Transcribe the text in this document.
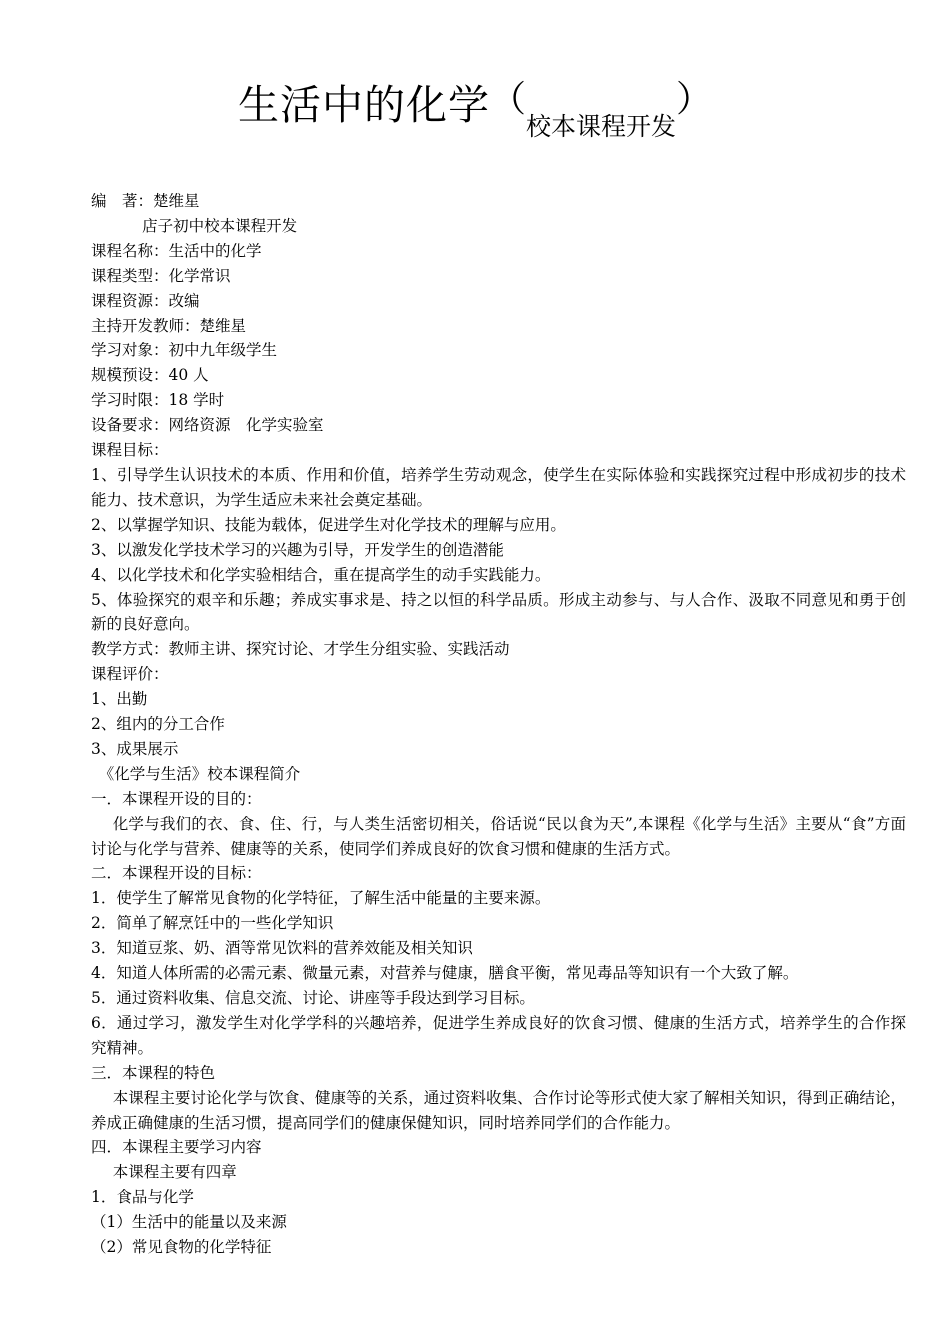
生活中的化学（校本课程开发）
编　著：楚维星
店子初中校本课程开发
课程名称：生活中的化学
课程类型：化学常识
课程资源：改编
主持开发教师：楚维星
学习对象：初中九年级学生
规模预设：40 人
学习时限：18 学时
设备要求：网络资源　化学实验室
课程目标：
1、引导学生认识技术的本质、作用和价值，培养学生劳动观念，使学生在实际体验和实践探究过程中形成初步的技术能力、技术意识，为学生适应未来社会奠定基础。
2、以掌握学知识、技能为载体，促进学生对化学技术的理解与应用。
3、以激发化学技术学习的兴趣为引导，开发学生的创造潜能
4、以化学技术和化学实验相结合，重在提高学生的动手实践能力。
5、体验探究的艰辛和乐趣；养成实事求是、持之以恒的科学品质。形成主动参与、与人合作、汲取不同意见和勇于创新的良好意向。
教学方式：教师主讲、探究讨论、才学生分组实验、实践活动
课程评价：
1、出勤
2、组内的分工合作
3、成果展示
《化学与生活》校本课程简介
一．本课程开设的目的：
化学与我们的衣、食、住、行，与人类生活密切相关，俗话说“民以食为天”,本课程《化学与生活》主要从“食”方面讨论与化学与营养、健康等的关系，使同学们养成良好的饮食习惯和健康的生活方式。
二．本课程开设的目标：
1．使学生了解常见食物的化学特征，了解生活中能量的主要来源。
2．简单了解烹饪中的一些化学知识
3．知道豆浆、奶、酒等常见饮料的营养效能及相关知识
4．知道人体所需的必需元素、微量元素，对营养与健康，膳食平衡，常见毒品等知识有一个大致了解。
5．通过资料收集、信息交流、讨论、讲座等手段达到学习目标。
6．通过学习，激发学生对化学学科的兴趣培养，促进学生养成良好的饮食习惯、健康的生活方式，培养学生的合作探究精神。
三．本课程的特色
本课程主要讨论化学与饮食、健康等的关系，通过资料收集、合作讨论等形式使大家了解相关知识，得到正确结论，养成正确健康的生活习惯，提高同学们的健康保健知识，同时培养同学们的合作能力。
四．本课程主要学习内容
本课程主要有四章
1．食品与化学
（1）生活中的能量以及来源
（2）常见食物的化学特征
